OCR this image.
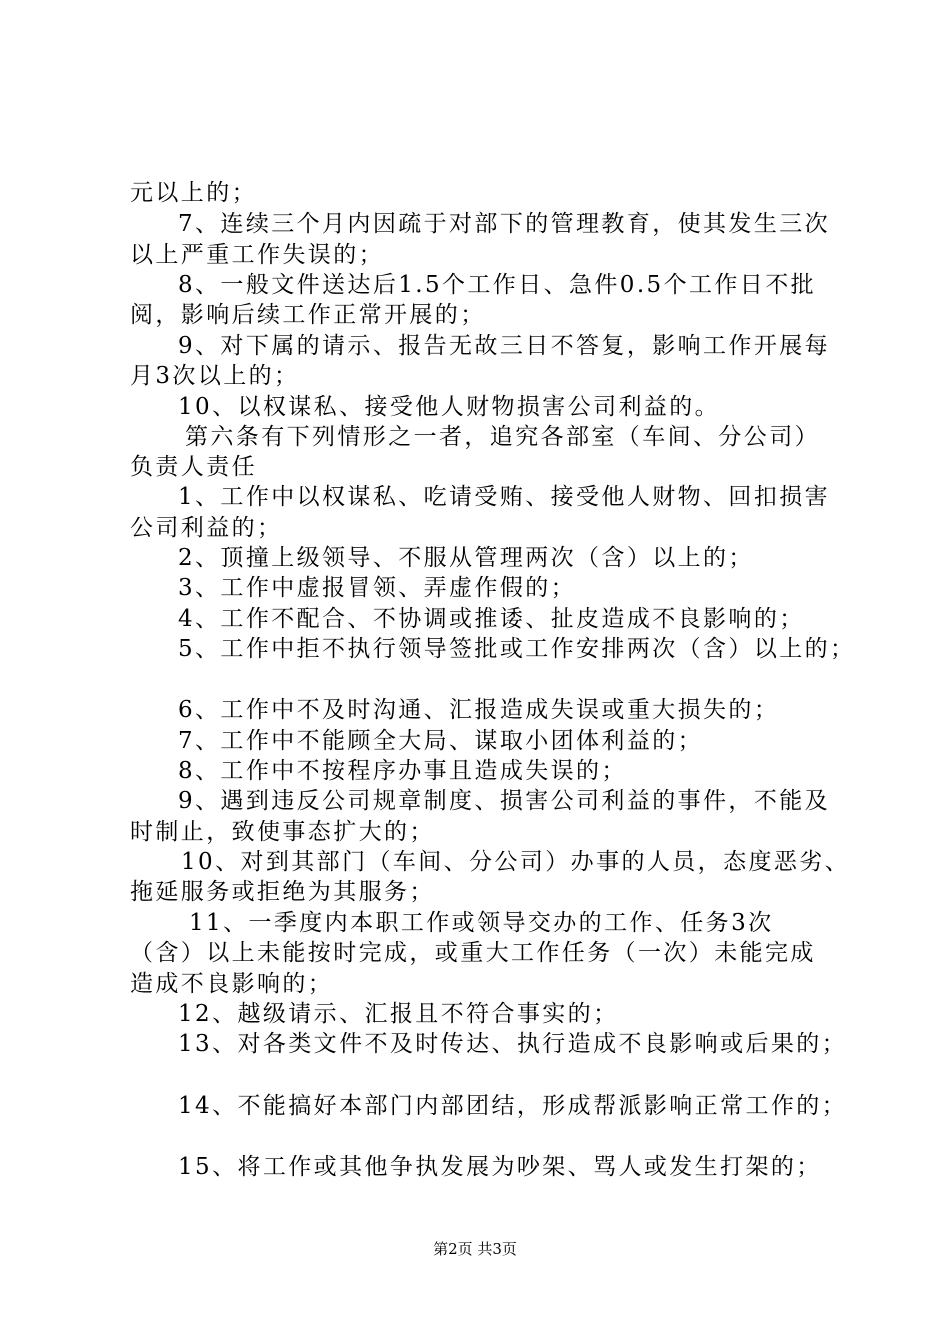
元以上的；
7、连续三个月内因疏于对部下的管理教育，使其发生三次
以上严重工作失误的；
8、一般文件送达后1.5个工作日、急件0.5个工作日不批
阅，影响后续工作正常开展的；
9、对下属的请示、报告无故三日不答复，影响工作开展每
月3次以上的；
10、以权谋私、接受他人财物损害公司利益的。
第六条有下列情形之一者，追究各部室（车间、分公司）
负责人责任
1、工作中以权谋私、吃请受贿、接受他人财物、回扣损害
公司利益的；
2、顶撞上级领导、不服从管理两次（含）以上的；
3、工作中虚报冒领、弄虚作假的；
4、工作不配合、不协调或推诿、扯皮造成不良影响的；
5、工作中拒不执行领导签批或工作安排两次（含）以上的；
6、工作中不及时沟通、汇报造成失误或重大损失的；
7、工作中不能顾全大局、谋取小团体利益的；
8、工作中不按程序办事且造成失误的；
9、遇到违反公司规章制度、损害公司利益的事件，不能及
时制止，致使事态扩大的；
10、对到其部门（车间、分公司）办事的人员，态度恶劣、
拖延服务或拒绝为其服务；
11、一季度内本职工作或领导交办的工作、任务3次
（含）以上未能按时完成，或重大工作任务（一次）未能完成
造成不良影响的；
12、越级请示、汇报且不符合事实的；
13、对各类文件不及时传达、执行造成不良影响或后果的；
14、不能搞好本部门内部团结，形成帮派影响正常工作的；
15、将工作或其他争执发展为吵架、骂人或发生打架的；
第2页 共3页
